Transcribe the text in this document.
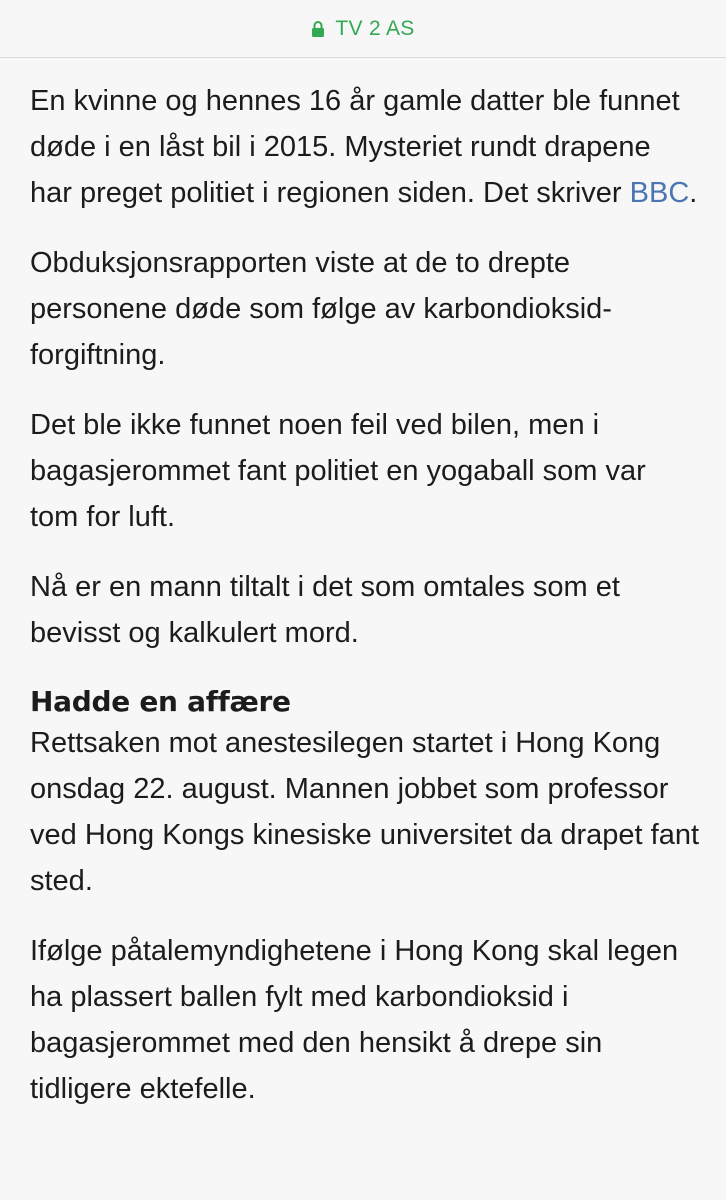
TV 2 AS

En kvinne og hennes 16 år gamle datter ble funnet døde i en låst bil i 2015. Mysteriet rundt drapene har preget politiet i regionen siden. Det skriver BBC.

Obduksjonsrapporten viste at de to drepte personene døde som følge av karbondioksid-forgiftning.

Det ble ikke funnet noen feil ved bilen, men i bagasjerommet fant politiet en yogaball som var tom for luft.

Nå er en mann tiltalt i det som omtales som et bevisst og kalkulert mord.

Hadde en affære

Rettsaken mot anestesilegen startet i Hong Kong onsdag 22. august. Mannen jobbet som professor ved Hong Kongs kinesiske universitet da drapet fant sted.

Ifølge påtalemyndighetene i Hong Kong skal legen ha plassert ballen fylt med karbondioksid i bagasjerommet med den hensikt å drepe sin tidligere ektefelle.
